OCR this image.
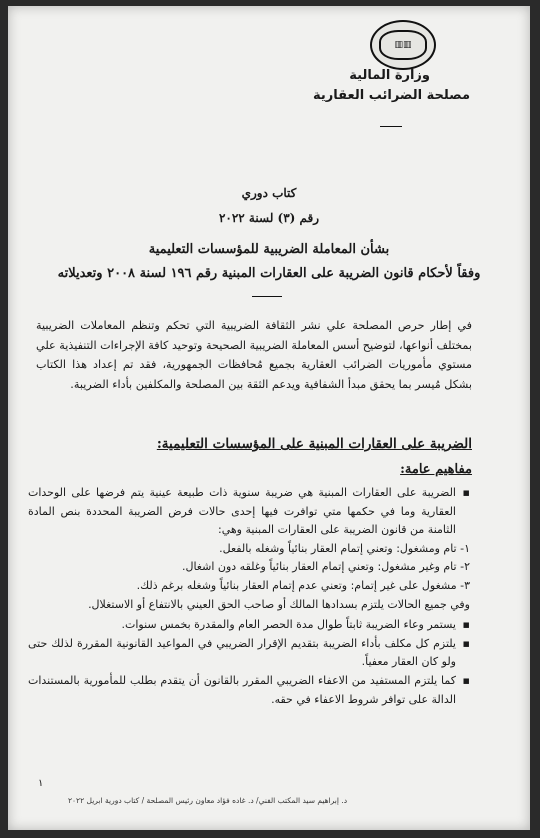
▥▥
وزارة المالية
مصلحة الضرائب العقارية
كتاب دوري
رقم (٣) لسنة ٢٠٢٢
بشأن المعاملة الضريبية للمؤسسات التعليمية
وفقاً لأحكام قانون الضريبة على العقارات المبنية رقم ١٩٦ لسنة ٢٠٠٨ وتعديلاته
في إطار حرص المصلحة علي نشر الثقافة الضريبية التي تحكم وتنظم المعاملات الضريبية بمختلف أنواعها، لتوضيح أسس المعاملة الضريبية الصحيحة وتوحيد كافة الإجراءات التنفيذية علي مستوي مأموريات الضرائب العقارية بجميع مُحافظات الجمهورية، فقد تم إعداد هذا الكتاب بشكل مُيسر بما يحقق مبدأ الشفافية ويدعم الثقة بين المصلحة والمكلفين بأداء الضريبة.
الضريبة على العقارات المبنية على المؤسسات التعليمية:
مفاهيم عامة:
▪
الضريبة على العقارات المبنية هي ضريبة سنوية ذات طبيعة عينية يتم فرضها على الوحدات العقارية وما في حكمها متي توافرت فيها إحدى حالات فرض الضريبة المحددة بنص المادة الثامنة من قانون الضريبة على العقارات المبنية وهي:
١- تام ومشغول: وتعني إتمام العقار بنائياً وشغله بالفعل.
٢- تام وغير مشغول: وتعني إتمام العقار بنائياً وغلقه دون اشغال.
٣- مشغول على غير إتمام: وتعني عدم إتمام العقار بنائياً وشغله برغم ذلك.
وفي جميع الحالات يلتزم بسدادها المالك أو صاحب الحق العيني بالانتفاع أو الاستغلال.
▪
يستمر وعاء الضريبة ثابتاً طوال مدة الحصر العام والمقدرة بخمس سنوات.
▪
يلتزم كل مكلف بأداء الضريبة بتقديم الإقرار الضريبي في المواعيد القانونية المقررة لذلك حتى ولو كان العقار معفياً.
▪
كما يلتزم المستفيد من الاعفاء الضريبي المقرر بالقانون أن يتقدم بطلب للمأمورية بالمستندات الدالة على توافر شروط الاعفاء في حقه.
١
د. إبراهيم سيد المكتب الفني/ د. غاده فؤاد معاون رئيس المصلحة / كتاب دورية ابريل ٢٠٢٢
